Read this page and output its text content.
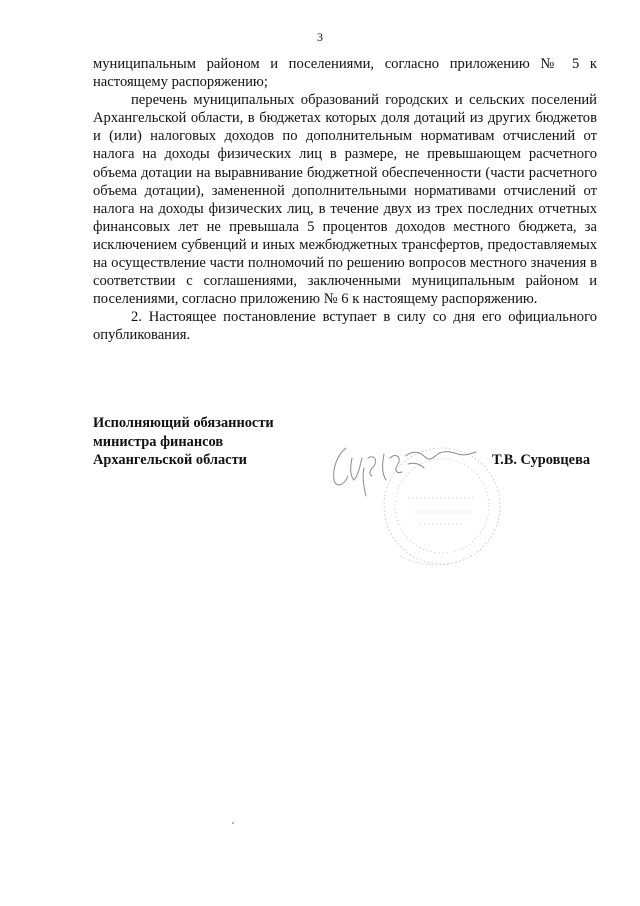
3

муниципальным районом и поселениями, согласно приложению № 5 к настоящему распоряжению;

перечень муниципальных образований городских и сельских поселений Архангельской области, в бюджетах которых доля дотаций из других бюджетов и (или) налоговых доходов по дополнительным нормативам отчислений от налога на доходы физических лиц в размере, не превышающем расчетного объема дотации на выравнивание бюджетной обеспеченности (части расчетного объема дотации), замененной дополнительными нормативами отчислений от налога на доходы физических лиц, в течение двух из трех последних отчетных финансовых лет не превышала 5 процентов доходов местного бюджета, за исключением субвенций и иных межбюджетных трансфертов, предоставляемых на осуществление части полномочий по решению вопросов местного значения в соответствии с соглашениями, заключенными муниципальным районом и поселениями, согласно приложению № 6 к настоящему распоряжению.

2. Настоящее постановление вступает в силу со дня его официального опубликования.

Исполняющий обязанности
министра финансов
Архангельской области	Т.В. Суровцева
